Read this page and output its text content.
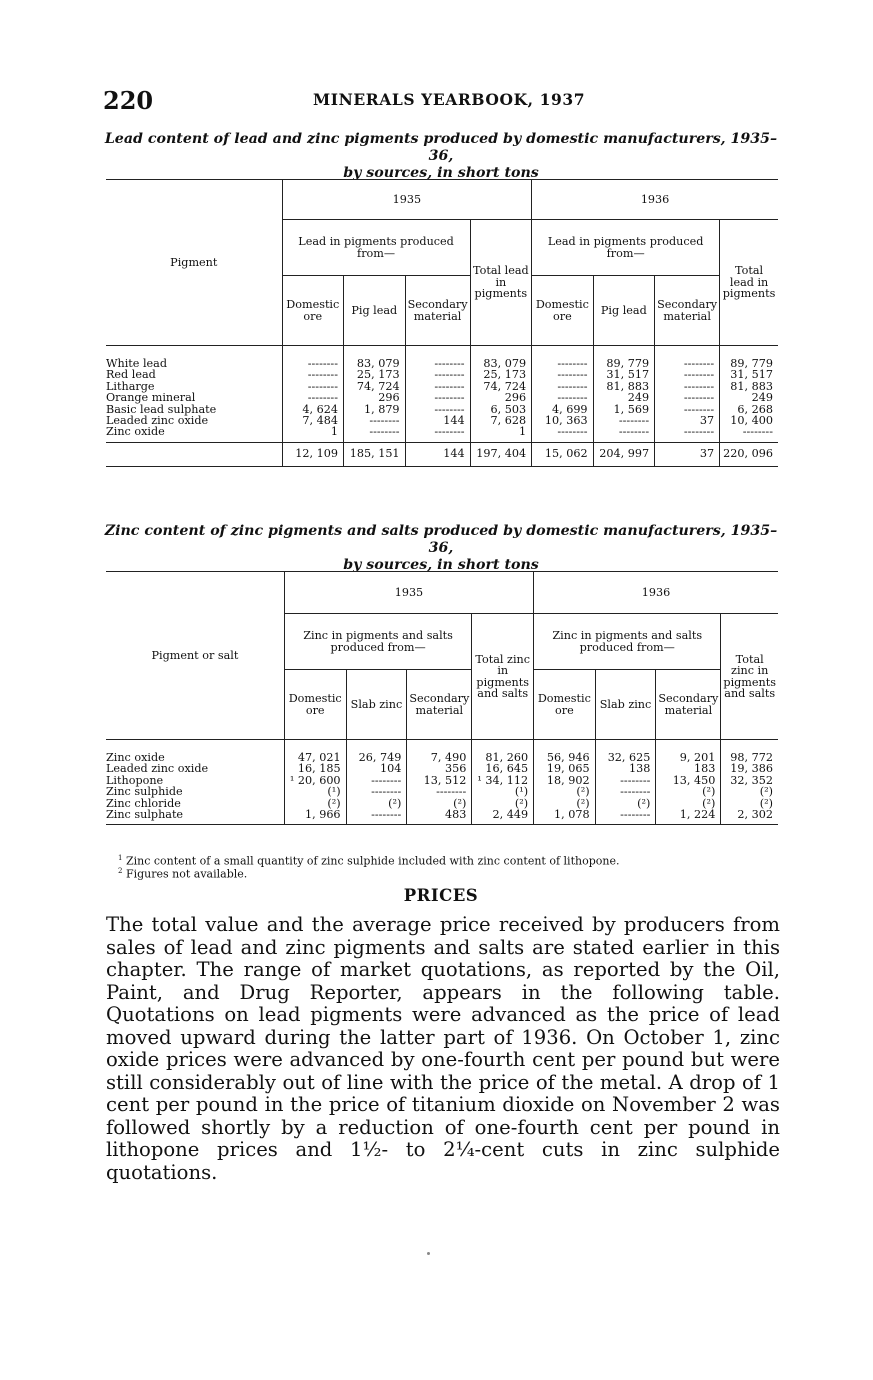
220	MINERALS YEARBOOK, 1937
Lead content of lead and zinc pigments produced by domestic manufacturers, 1935–36,
by sources, in short tons
Pigment	1935				1936			
	Lead in pigments produced from—			Total lead in pigments	Lead in pigments produced from—			Total lead in pigments
	Domestic ore	Pig lead	Secondary material		Domestic ore	Pig lead	Secondary material	
White lead	--------	83, 079	--------	83, 079	--------	89, 779	--------	89, 779
Red lead	--------	25, 173	--------	25, 173	--------	31, 517	--------	31, 517
Litharge	--------	74, 724	--------	74, 724	--------	81, 883	--------	81, 883
Orange mineral	--------	296	--------	296	--------	249	--------	249
Basic lead sulphate	4, 624	1, 879	--------	6, 503	4, 699	1, 569	--------	6, 268
Leaded zinc oxide	7, 484	--------	144	7, 628	10, 363	--------	37	10, 400
Zinc oxide	1	--------	--------	1	--------	--------	--------	--------
	12, 109	185, 151	144	197, 404	15, 062	204, 997	37	220, 096
Zinc content of zinc pigments and salts produced by domestic manufacturers, 1935–36,
by sources, in short tons
Pigment or salt	1935				1936			
	Zinc in pigments and salts produced from—			Total zinc in pigments and salts	Zinc in pigments and salts produced from—			Total zinc in pigments and salts
	Domestic ore	Slab zinc	Secondary material		Domestic ore	Slab zinc	Secondary material	
Zinc oxide	47, 021	26, 749	7, 490	81, 260	56, 946	32, 625	9, 201	98, 772
Leaded zinc oxide	16, 185	104	356	16, 645	19, 065	138	183	19, 386
Lithopone	¹ 20, 600	--------	13, 512	¹ 34, 112	18, 902	--------	13, 450	32, 352
Zinc sulphide	(¹)	--------	--------	(¹)	(²)	--------	(²)	(²)
Zinc chloride	(²)	(²)	(²)	(²)	(²)	(²)	(²)	(²)
Zinc sulphate	1, 966	--------	483	2, 449	1, 078	--------	1, 224	2, 302
$^1$ Zinc content of a small quantity of zinc sulphide included with zinc content of lithopone.
$^2$ Figures not available.
PRICES
The total value and the average price received by producers from sales of lead and zinc pigments and salts are stated earlier in this chapter. The range of market quotations, as reported by the Oil, Paint, and Drug Reporter, appears in the following table. Quotations on lead pigments were advanced as the price of lead moved upward during the latter part of 1936. On October 1, zinc oxide prices were advanced by one-fourth cent per pound but were still considerably out of line with the price of the metal. A drop of 1 cent per pound in the price of titanium dioxide on November 2 was followed shortly by a reduction of one-fourth cent per pound in lithopone prices and 1½- to 2¼-cent cuts in zinc sulphide quotations.
